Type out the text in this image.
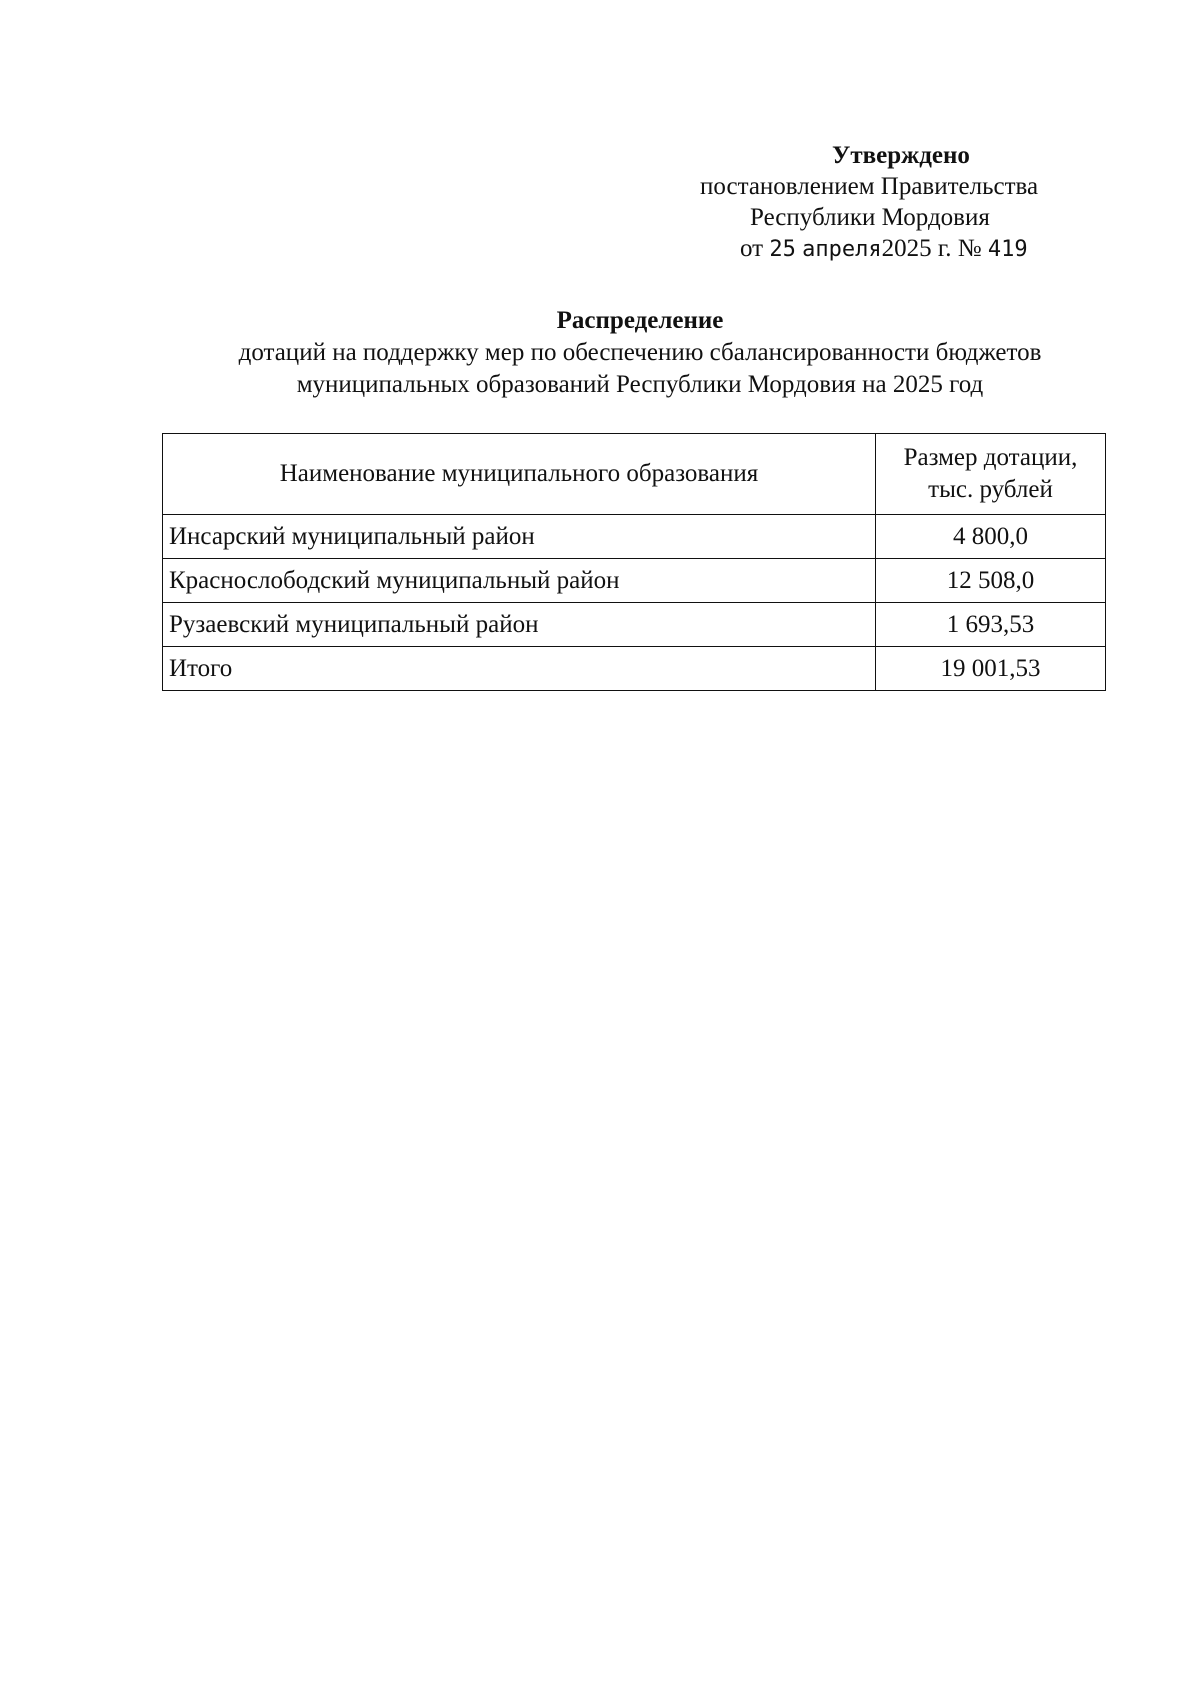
Утверждено
постановлением Правительства
Республики Мордовия
от 25 апреля2025 г. № 419
Распределение
дотаций на поддержку мер по обеспечению сбалансированности бюджетов
муниципальных образований Республики Мордовия на 2025 год
Наименование муниципального образования	Размер дотации,
тыс. рублей
Инсарский муниципальный район	4 800,0
Краснослободский муниципальный район	12 508,0
Рузаевский муниципальный район	1 693,53
Итого	19 001,53
